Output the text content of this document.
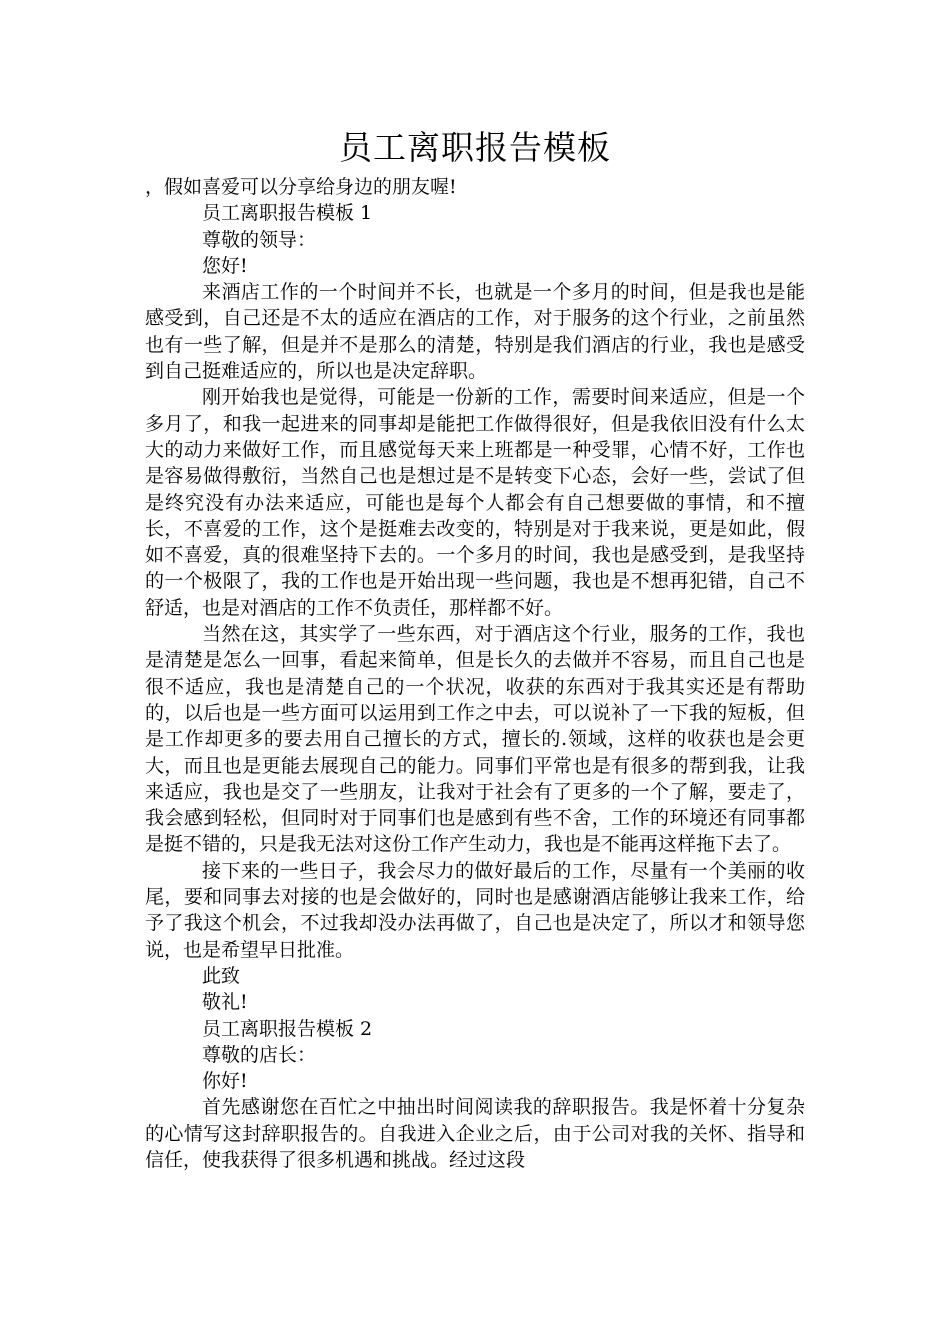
员工离职报告模板

，假如喜爱可以分享给身边的朋友喔!

员工离职报告模板 1

尊敬的领导：

您好!

来酒店工作的一个时间并不长，也就是一个多月的时间，但是我也是能感受到，自己还是不太的适应在酒店的工作，对于服务的这个行业，之前虽然也有一些了解，但是并不是那么的清楚，特别是我们酒店的行业，我也是感受到自己挺难适应的，所以也是决定辞职。

刚开始我也是觉得，可能是一份新的工作，需要时间来适应，但是一个多月了，和我一起进来的同事却是能把工作做得很好，但是我依旧没有什么太大的动力来做好工作，而且感觉每天来上班都是一种受罪，心情不好，工作也是容易做得敷衍，当然自己也是想过是不是转变下心态，会好一些，尝试了但是终究没有办法来适应，可能也是每个人都会有自己想要做的事情，和不擅长，不喜爱的工作，这个是挺难去改变的，特别是对于我来说，更是如此，假如不喜爱，真的很难坚持下去的。一个多月的时间，我也是感受到，是我坚持的一个极限了，我的工作也是开始出现一些问题，我也是不想再犯错，自己不舒适，也是对酒店的工作不负责任，那样都不好。

当然在这，其实学了一些东西，对于酒店这个行业，服务的工作，我也是清楚是怎么一回事，看起来简单，但是长久的去做并不容易，而且自己也是很不适应，我也是清楚自己的一个状况，收获的东西对于我其实还是有帮助的，以后也是一些方面可以运用到工作之中去，可以说补了一下我的短板，但是工作却更多的要去用自己擅长的方式，擅长的.领域，这样的收获也是会更大，而且也是更能去展现自己的能力。同事们平常也是有很多的帮到我，让我来适应，我也是交了一些朋友，让我对于社会有了更多的一个了解，要走了，我会感到轻松，但同时对于同事们也是感到有些不舍，工作的环境还有同事都是挺不错的，只是我无法对这份工作产生动力，我也是不能再这样拖下去了。

接下来的一些日子，我会尽力的做好最后的工作，尽量有一个美丽的收尾，要和同事去对接的也是会做好的，同时也是感谢酒店能够让我来工作，给予了我这个机会，不过我却没办法再做了，自己也是决定了，所以才和领导您说，也是希望早日批准。

此致

敬礼!

员工离职报告模板 2

尊敬的店长：

你好!

首先感谢您在百忙之中抽出时间阅读我的辞职报告。我是怀着十分复杂的心情写这封辞职报告的。自我进入企业之后，由于公司对我的关怀、指导和信任，使我获得了很多机遇和挑战。经过这段
